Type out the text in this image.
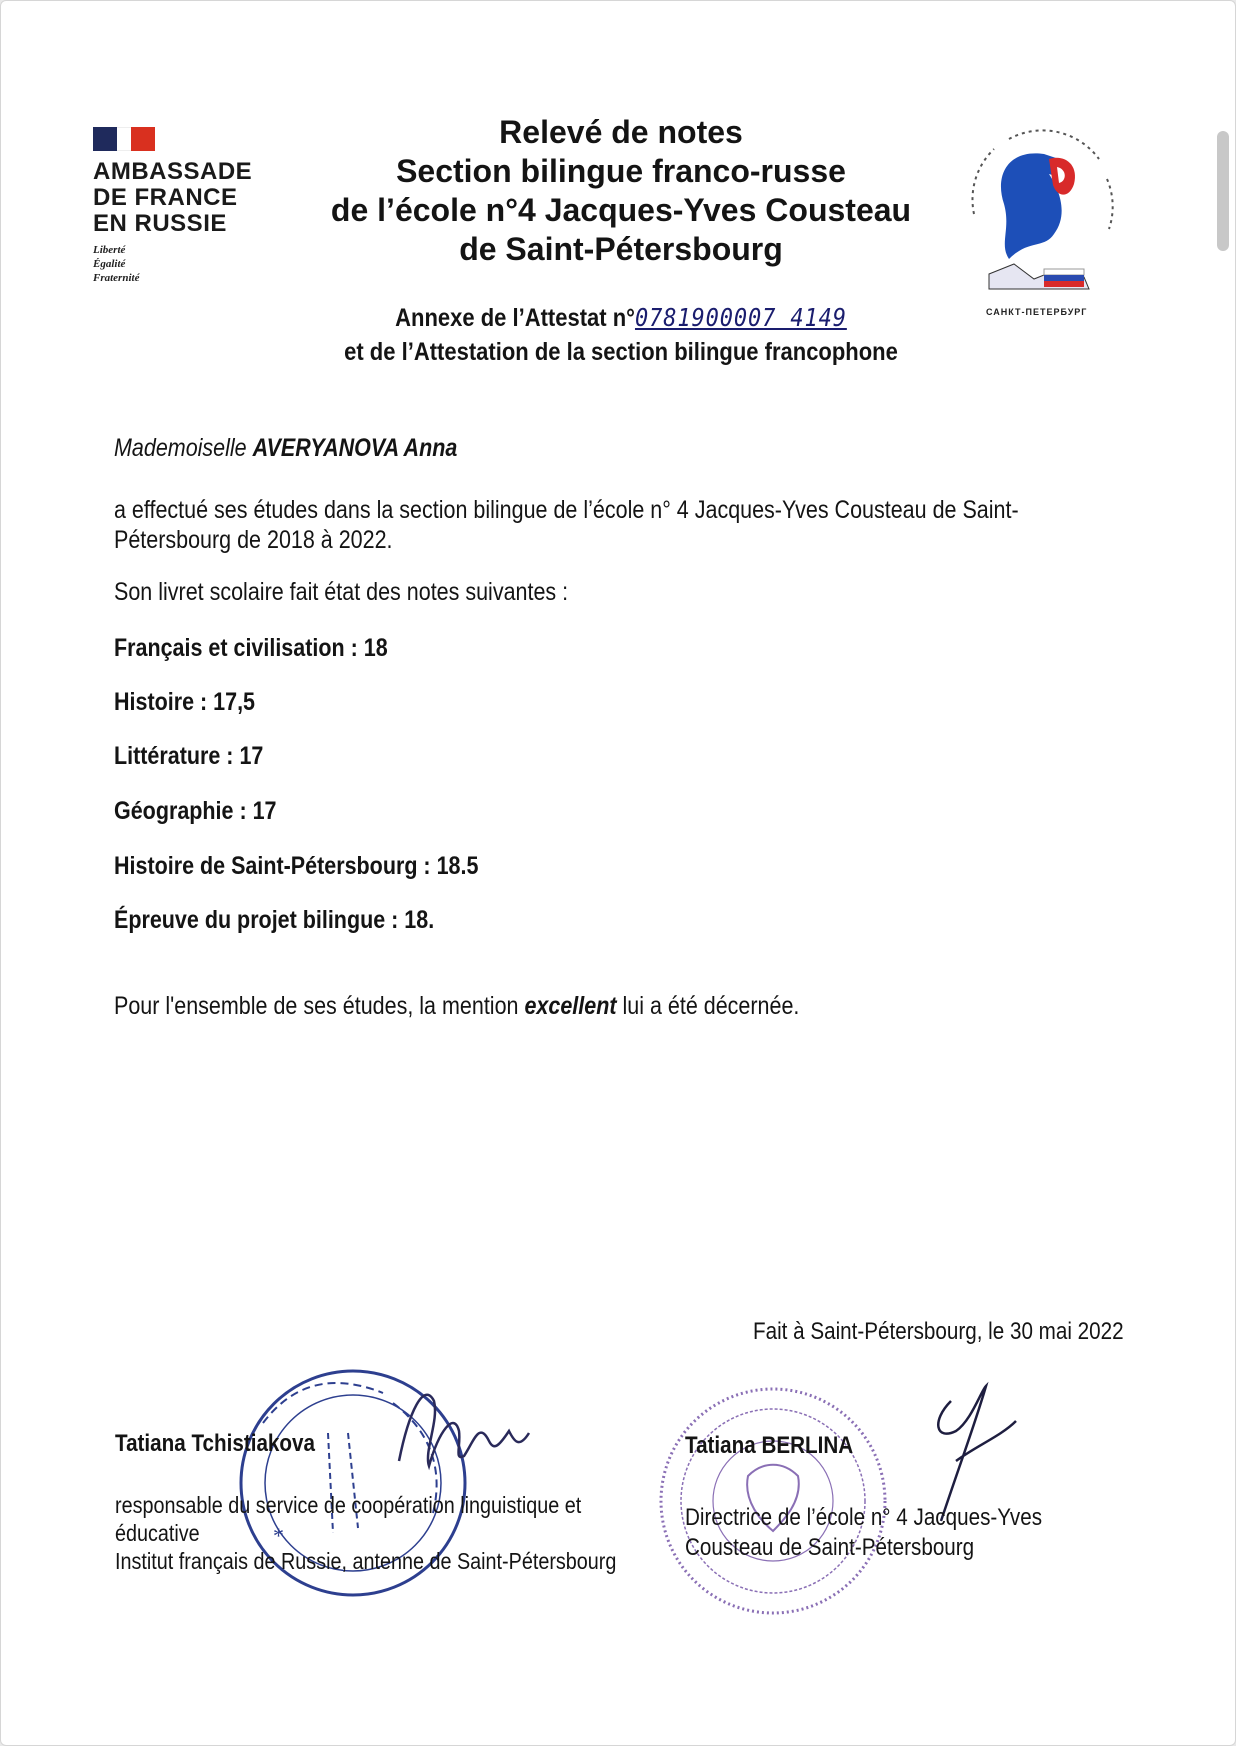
AMBASSADE
DE FRANCE
EN RUSSIE
Liberté
Égalité
Fraternité
Relevé de notes
Section bilingue franco-russe
de l’école n°4 Jacques-Yves Cousteau
de Saint-Pétersbourg
Annexe de l’Attestat n°0781900007 4149
et de l’Attestation de la section bilingue francophone
САНКТ-ПЕТЕРБУРГ
Mademoiselle AVERYANOVA Anna
a effectué ses études dans la section bilingue de l’école n° 4 Jacques-Yves Cousteau de Saint-
Pétersbourg de 2018 à 2022.
Son livret scolaire fait état des notes suivantes :
Français et civilisation : 18
Histoire : 17,5
Littérature : 17
Géographie : 17
Histoire de Saint-Pétersbourg : 18.5
Épreuve du projet bilingue : 18.
Pour l'ensemble de ses études, la mention excellent lui a été décernée.
Fait à Saint-Pétersbourg, le 30 mai 2022
*
Tatiana Tchistiakova
responsable du service de coopération linguistique et
éducative
Institut français de Russie, antenne de Saint-Pétersbourg
Tatiana BERLINA
Directrice de l’école n° 4 Jacques-Yves
Cousteau de Saint-Pétersbourg
